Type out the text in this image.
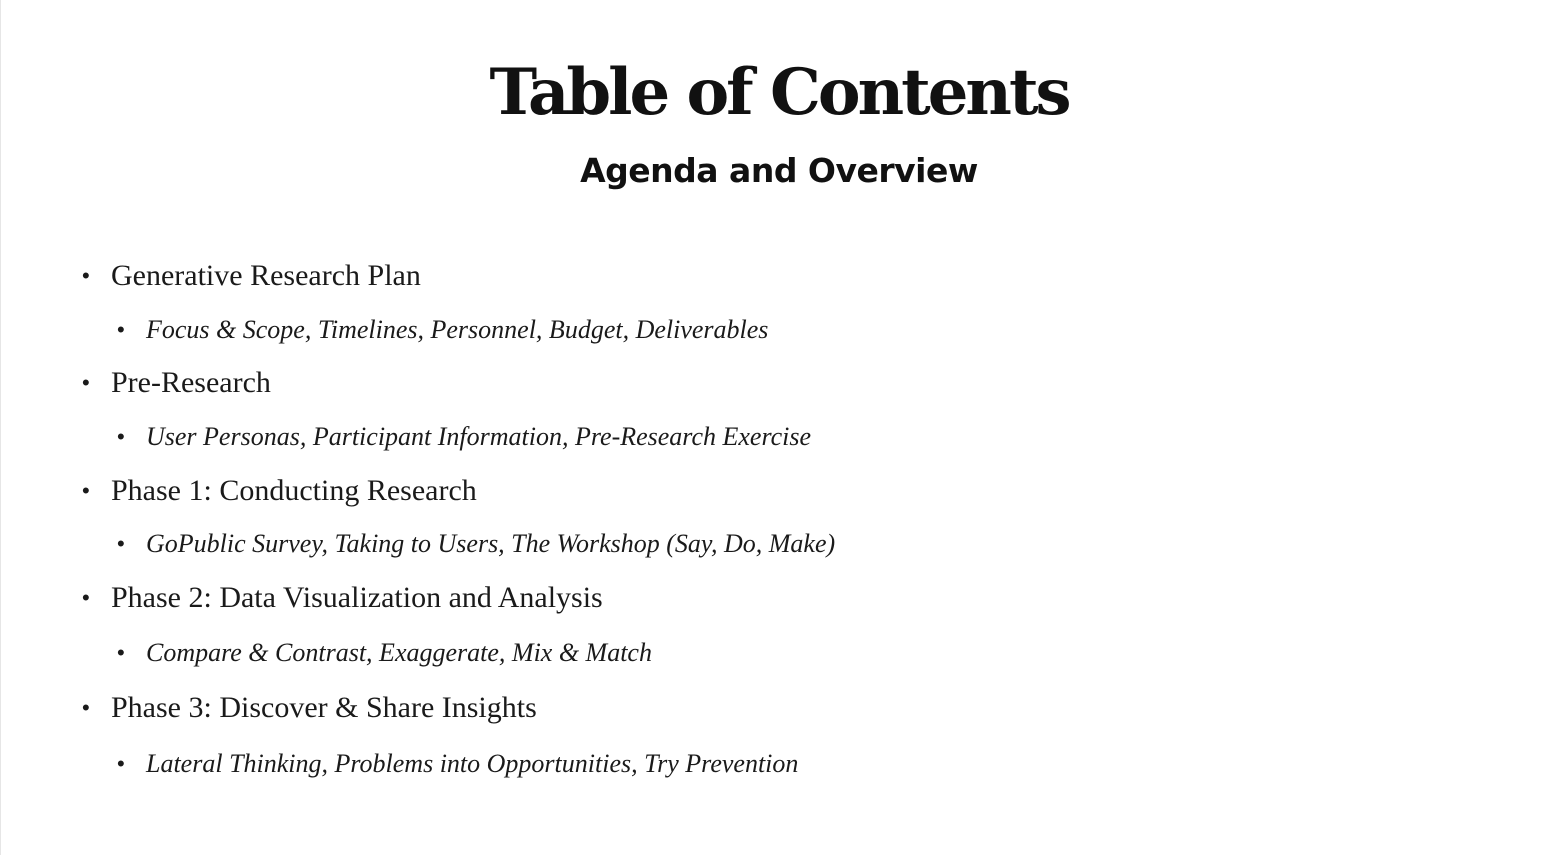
Table of Contents
Agenda and Overview
• Generative Research Plan
• Focus & Scope, Timelines, Personnel, Budget, Deliverables
• Pre-Research
• User Personas, Participant Information, Pre-Research Exercise
• Phase 1: Conducting Research
• GoPublic Survey, Taking to Users, The Workshop (Say, Do, Make)
• Phase 2: Data Visualization and Analysis
• Compare & Contrast, Exaggerate, Mix & Match
• Phase 3: Discover & Share Insights
• Lateral Thinking, Problems into Opportunities, Try Prevention
